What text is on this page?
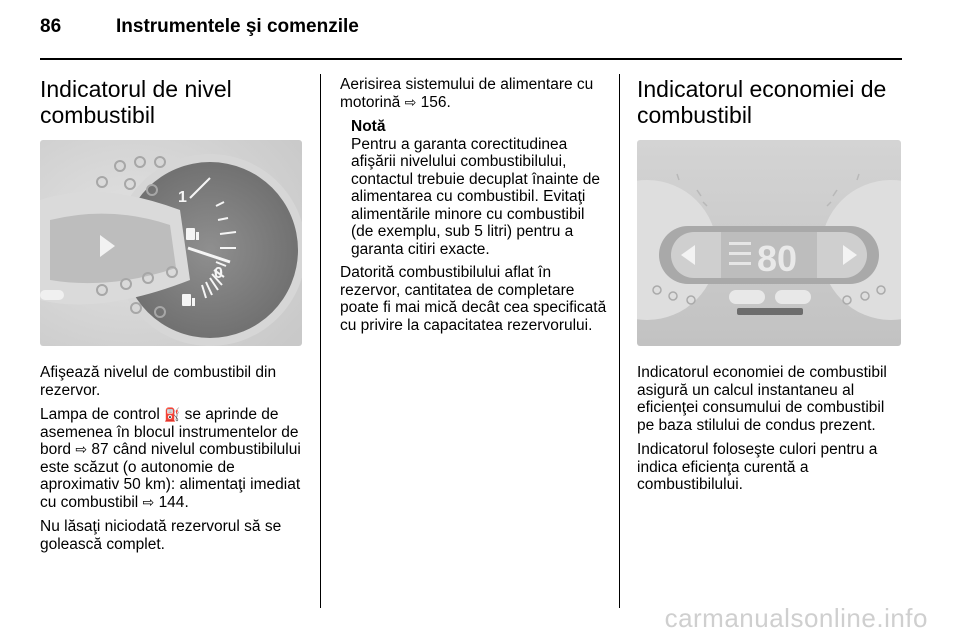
86	Instrumentele şi comenzile
Indicatorul de nivel combustibil
1
0

Afişează nivelul de combustibil din rezervor.

Lampa de control ⛽ se aprinde de asemenea în blocul instrumentelor de bord ⇨ 87 când nivelul combustibilului este scăzut (o autonomie de aproximativ 50 km): alimentaţi imediat cu combustibil ⇨ 144.

Nu lăsaţi niciodată rezervorul să se golească complet.

Aerisirea sistemului de alimentare cu motorină ⇨ 156.

Notă
Pentru a garanta corectitudinea afişării nivelului combustibilului, contactul trebuie decuplat înainte de alimentarea cu combustibil. Evitaţi alimentările minore cu combustibil (de exemplu, sub 5 litri) pentru a garanta citiri exacte.

Datorită combustibilului aflat în rezervor, cantitatea de completare poate fi mai mică decât cea specificată cu privire la capacitatea rezervorului.

Indicatorul economiei de combustibil
80

Indicatorul economiei de combustibil asigură un calcul instantaneu al eficienţei consumului de combustibil pe baza stilului de condus prezent.

Indicatorul foloseşte culori pentru a indica eficienţa curentă a combustibilului.

carmanualsonline.info
